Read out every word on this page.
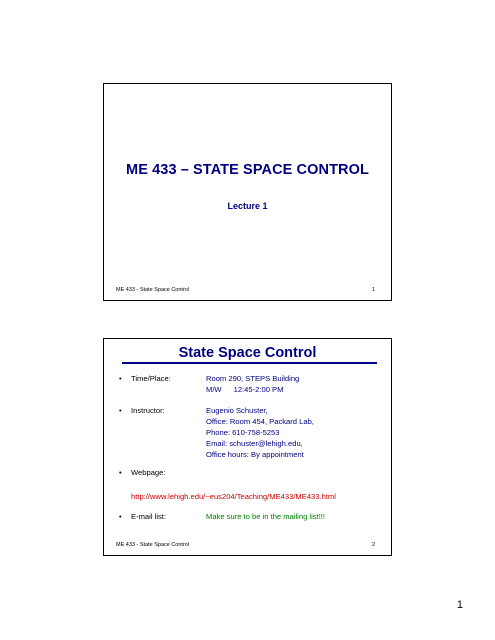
ME 433 – STATE SPACE CONTROL
Lecture 1
ME 433 - State Space Control	1
State Space Control
• Time/Place:	Room 290, STEPS Building
M/W 12:45-2:00 PM
• Instructor:	Eugenio Schuster,
Office: Room 454, Packard Lab,
Phone: 610-758-5253
Email: schuster@lehigh.edu,
Office hours: By appointment
• Webpage:
http://www.lehigh.edu/~eus204/Teaching/ME433/ME433.html
• E-mail list:	Make sure to be in the mailing list!!!
ME 433 - State Space Control	2
1
